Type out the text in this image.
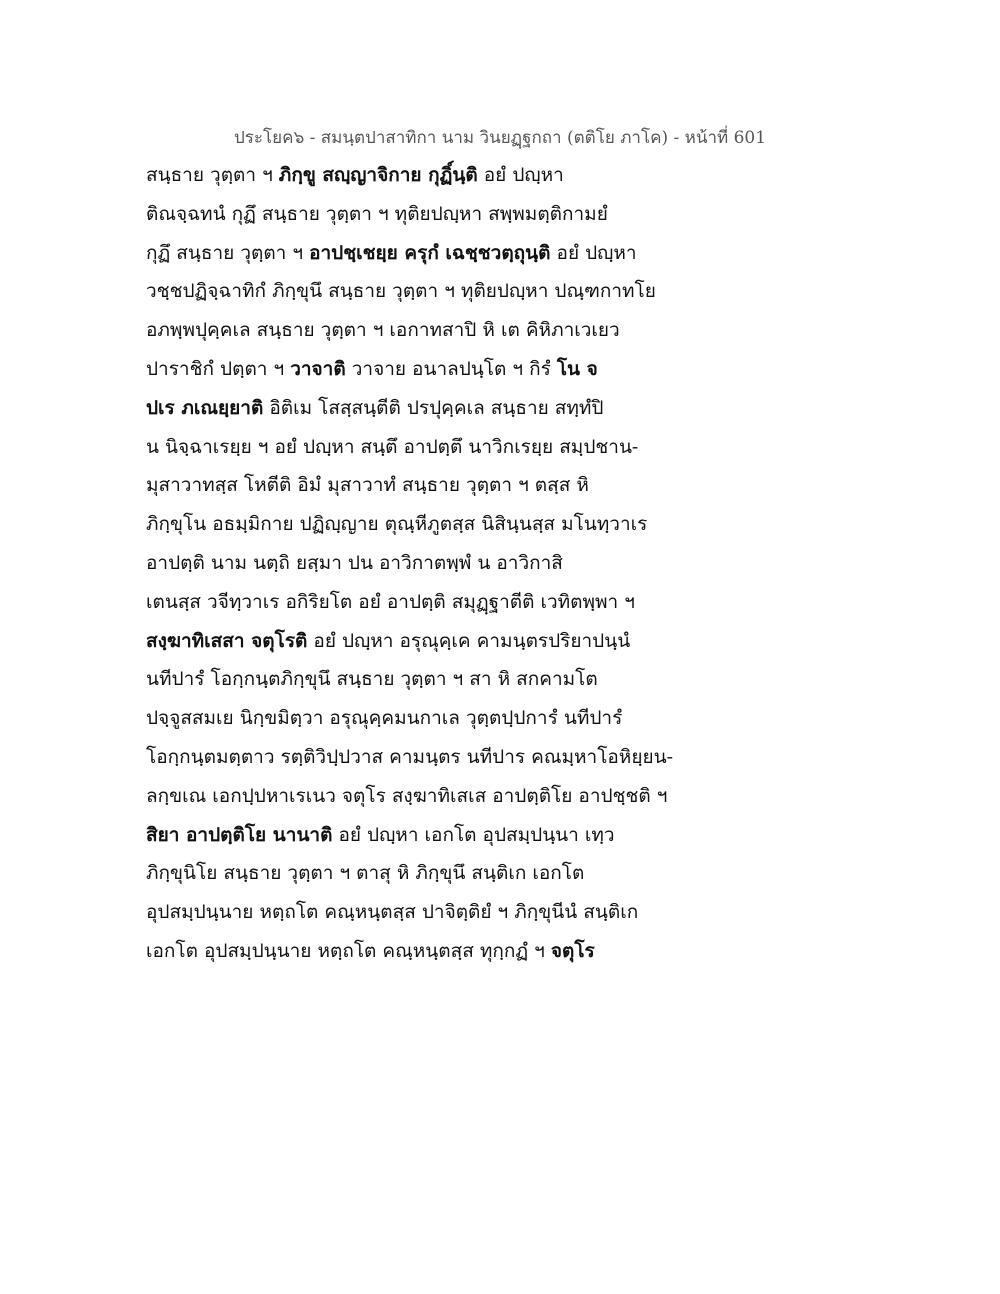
ประโยค๖ - สมนฺตปาสาทิกา นาม วินยฏฺฐกถา (ตติโย ภาโค) - หน้าที่ 601
สนฺธาย วุตฺตา ฯ ภิกฺขู สญฺญาจิกาย กุฏิ์นฺติ อยํ ปญฺหา
ติณจฺฉทนํ กุฏึ สนฺธาย วุตฺตา ฯ ทุติยปญฺหา สพฺพมตฺติกามยํ
กุฏึ สนฺธาย วุตฺตา ฯ อาปชฺเชยฺย ครุกํ เฉชฺชวตฺถุนฺติ อยํ ปญฺหา
วชฺชปฏิจฺฉาทิกํ ภิกฺขุนึ สนฺธาย วุตฺตา ฯ ทุติยปญฺหา ปณฺฑกาทโย
อภพฺพปุคฺคเล สนฺธาย วุตฺตา ฯ เอกาทสาปิ หิ เต คิหิภาเวเยว
ปาราชิกํ ปตฺตา ฯ วาจาติ วาจาย อนาลปนฺโต ฯ กิรํ โน จ
ปเร ภเณยฺยาติ อิติเม โสสฺสนฺตีติ ปรปุคฺคเล สนฺธาย สทฺทํปิ
น นิจฺฉาเรยฺย ฯ อยํ ปญฺหา สนฺตึ อาปตฺตึ นาวิกเรยฺย สมฺปชาน-
มุสาวาทสฺส โหตีติ อิมํ มุสาวาทํ สนฺธาย วุตฺตา ฯ ตสฺส หิ
ภิกฺขุโน อธมฺมิกาย ปฏิญฺญาย ตุณฺหีภูตสฺส นิสินฺนสฺส มโนทฺวาเร
อาปตฺติ นาม นตฺถิ ยสฺมา ปน อาวิกาตพฺพํ น อาวิกาสิ
เตนสฺส วจีทฺวาเร อกิริยโต อยํ อาปตฺติ สมุฏฺฐาตีติ เวทิตพฺพา ฯ
สงฺฆาทิเสสา จตุโรติ อยํ ปญฺหา อรุณุคฺเค คามนฺตรปริยาปนฺนํ
นทีปารํ โอกฺกนฺตภิกฺขุนึ สนฺธาย วุตฺตา ฯ สา หิ สกคามโต
ปจฺจูสสมเย นิกฺขมิตฺวา อรุณุคฺคมนกาเล วุตฺตปฺปการํ นทีปารํ
โอกฺกนฺตมตฺตาว รตฺติวิปฺปวาส คามนฺตร นทีปาร คณมฺหาโอหิยฺยน-
ลกฺขเณ เอกปฺปหาเรเนว จตุโร สงฺฆาทิเสเส อาปตฺติโย อาปชฺชติ ฯ
สิยา อาปตฺติโย นานาติ อยํ ปญฺหา เอกโต อุปสมฺปนฺนา เทฺว
ภิกฺขุนิโย สนฺธาย วุตฺตา ฯ ตาสุ หิ ภิกฺขุนึ สนฺติเก เอกโต
อุปสมฺปนฺนาย หตฺถโต คณฺหนฺตสฺส ปาจิตฺติยํ ฯ ภิกฺขุนีนํ สนฺติเก
เอกโต อุปสมฺปนฺนาย หตฺถโต คณฺหนฺตสฺส ทุกฺกฏํ ฯ จตุโร
